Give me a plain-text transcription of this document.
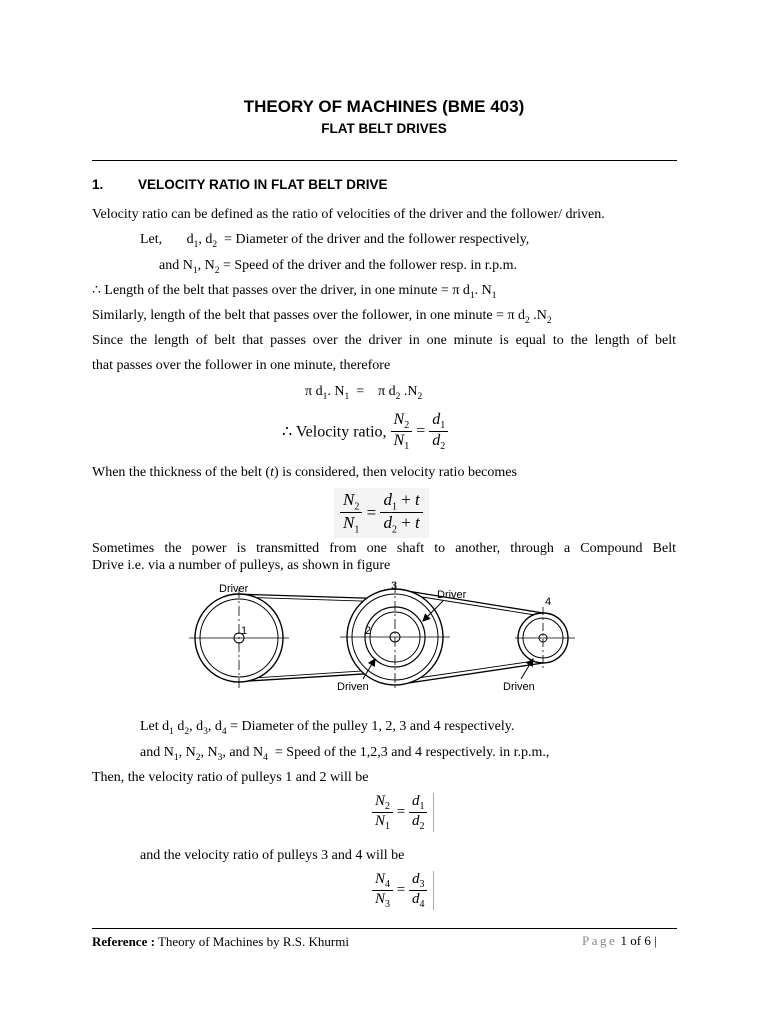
THEORY OF MACHINES (BME 403)
FLAT BELT DRIVES
1.	VELOCITY RATIO IN FLAT BELT DRIVE
Velocity ratio can be defined as the ratio of velocities of the driver and the follower/ driven.
Let,       $d_1$, $d_2$ = Diameter of the driver and the follower respectively,
and $N_1$, $N_2$ = Speed of the driver and the follower resp. in r.p.m.
∴ Length of the belt that passes over the driver, in one minute = π $d_1$. $N_1$
Similarly, length of the belt that passes over the follower, in one minute = π $d_2$ $.N_2$
Since the length of belt that passes over the driver in one minute is equal to the length of belt
that passes over the follower in one minute, therefore
π $d_1$. $N_1$  =    π $d_2$ $.N_2$
∴ Velocity ratio, $\frac{N_2}{N_1} = \frac{d_1}{d_2}$
When the thickness of the belt (t) is considered, then velocity ratio becomes
$\frac{N_2}{N_1} = \frac{d_1 + t}{d_2 + t}$
Sometimes the power is transmitted from one shaft to another, through a Compound Belt
Drive i.e. via a number of pulleys, as shown in figure
Driver	3
Driver
4
1	2
Driven	Driven
Let $d_1$ $d_2$, $d_3$, $d_4$ = Diameter of the pulley 1, 2, 3 and 4 respectively.
and $N_1$, $N_2$, $N_3$, and $N_4$ = Speed of the 1,2,3 and 4 respectively. in r.p.m.,
Then, the velocity ratio of pulleys 1 and 2 will be
$\frac{N_2}{N_1} = \frac{d_1}{d_2}$
and the velocity ratio of pulleys 3 and 4 will be
$\frac{N_4}{N_3} = \frac{d_3}{d_4}$
Reference : Theory of Machines by R.S. Khurmi	Page 1 of 6 |
